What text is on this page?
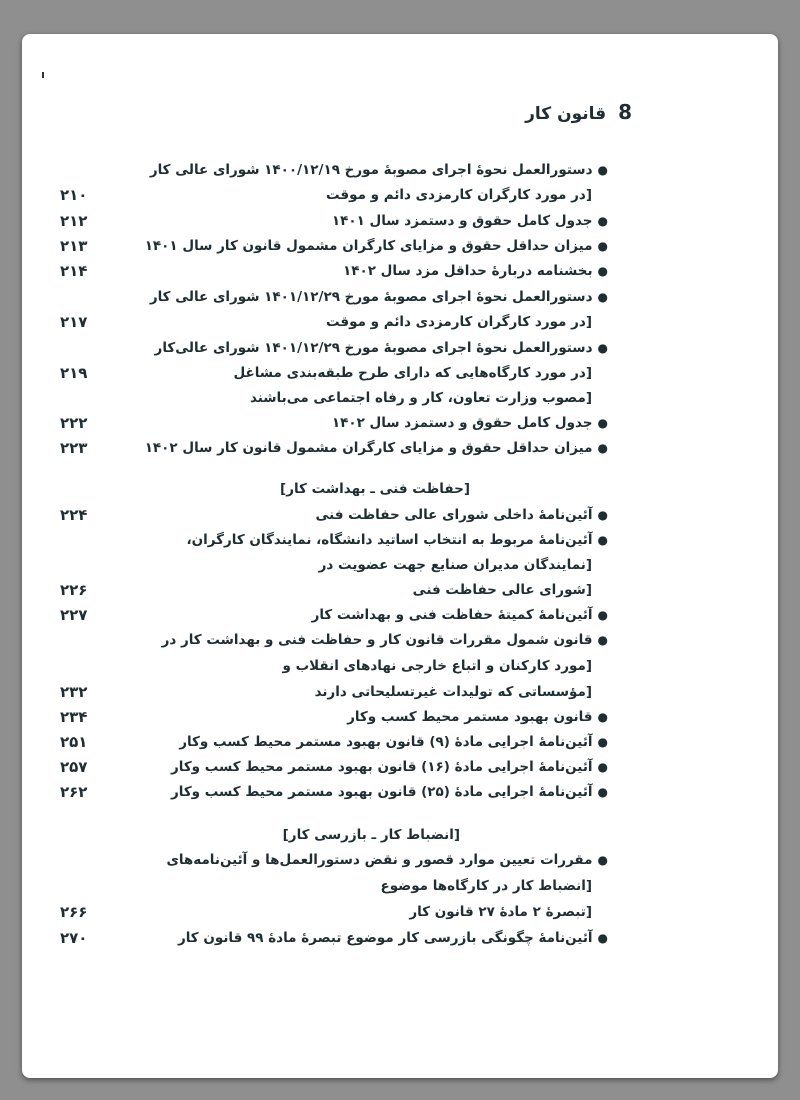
8 قانون کار
● دستورالعمل نحوهٔ اجرای مصوبهٔ مورخ ۱۴۰۰/۱۲/۱۹ شورای عالی کار
[در مورد کارگران کارمزدی دائم و موقت
۲۱۰
● جدول کامل حقوق و دستمزد سال ۱۴۰۱
۲۱۲
● میزان حداقل حقوق و مزایای کارگران مشمول قانون کار سال ۱۴۰۱
۲۱۳
● بخشنامه دربارهٔ حداقل مزد سال ۱۴۰۲
۲۱۴
● دستورالعمل نحوهٔ اجرای مصوبهٔ مورخ ۱۴۰۱/۱۲/۲۹ شورای عالی کار
[در مورد کارگران کارمزدی دائم و موقت
۲۱۷
● دستورالعمل نحوهٔ اجرای مصوبهٔ مورخ ۱۴۰۱/۱۲/۲۹ شورای عالی‌کار
[در مورد کارگاه‌هایی که دارای طرح طبقه‌بندی مشاغل
۲۱۹
[مصوب وزارت تعاون، کار و رفاه اجتماعی می‌باشند
● جدول کامل حقوق و دستمزد سال ۱۴۰۲
۲۲۲
● میزان حداقل حقوق و مزایای کارگران مشمول قانون کار سال ۱۴۰۲
۲۲۳
[حفاظت فنی ـ بهداشت کار]
● آئین‌نامهٔ داخلی شورای عالی حفاظت فنی
۲۲۴
● آئین‌نامهٔ مربوط به انتخاب اساتید دانشگاه، نمایندگان کارگران،
[نمایندگان مدیران صنایع جهت عضویت در
[شورای عالی حفاظت فنی
۲۲۶
● آئین‌نامهٔ کمیتهٔ حفاظت فنی و بهداشت کار
۲۲۷
● قانون شمول مقررات قانون کار و حفاظت فنی و بهداشت کار در
[مورد کارکنان و اتباع خارجی نهادهای انقلاب و
[مؤسساتی که تولیدات غیرتسلیحاتی دارند
۲۳۲
● قانون بهبود مستمر محیط کسب وکار
۲۳۴
● آئین‌نامهٔ اجرایی مادهٔ (۹) قانون بهبود مستمر محیط کسب وکار
۲۵۱
● آئین‌نامهٔ اجرایی مادهٔ (۱۶) قانون بهبود مستمر محیط کسب وکار
۲۵۷
● آئین‌نامهٔ اجرایی مادهٔ (۲۵) قانون بهبود مستمر محیط کسب وکار
۲۶۲
[انضباط کار ـ بازرسی کار]
● مقررات تعیین موارد قصور و نقض دستورالعمل‌ها و آئین‌نامه‌های
[انضباط کار در کارگاه‌ها موضوع
[تبصرهٔ ۲ مادهٔ ۲۷ قانون کار
۲۶۶
● آئین‌نامهٔ چگونگی بازرسی کار موضوع تبصرهٔ مادهٔ ۹۹ قانون کار
۲۷۰
